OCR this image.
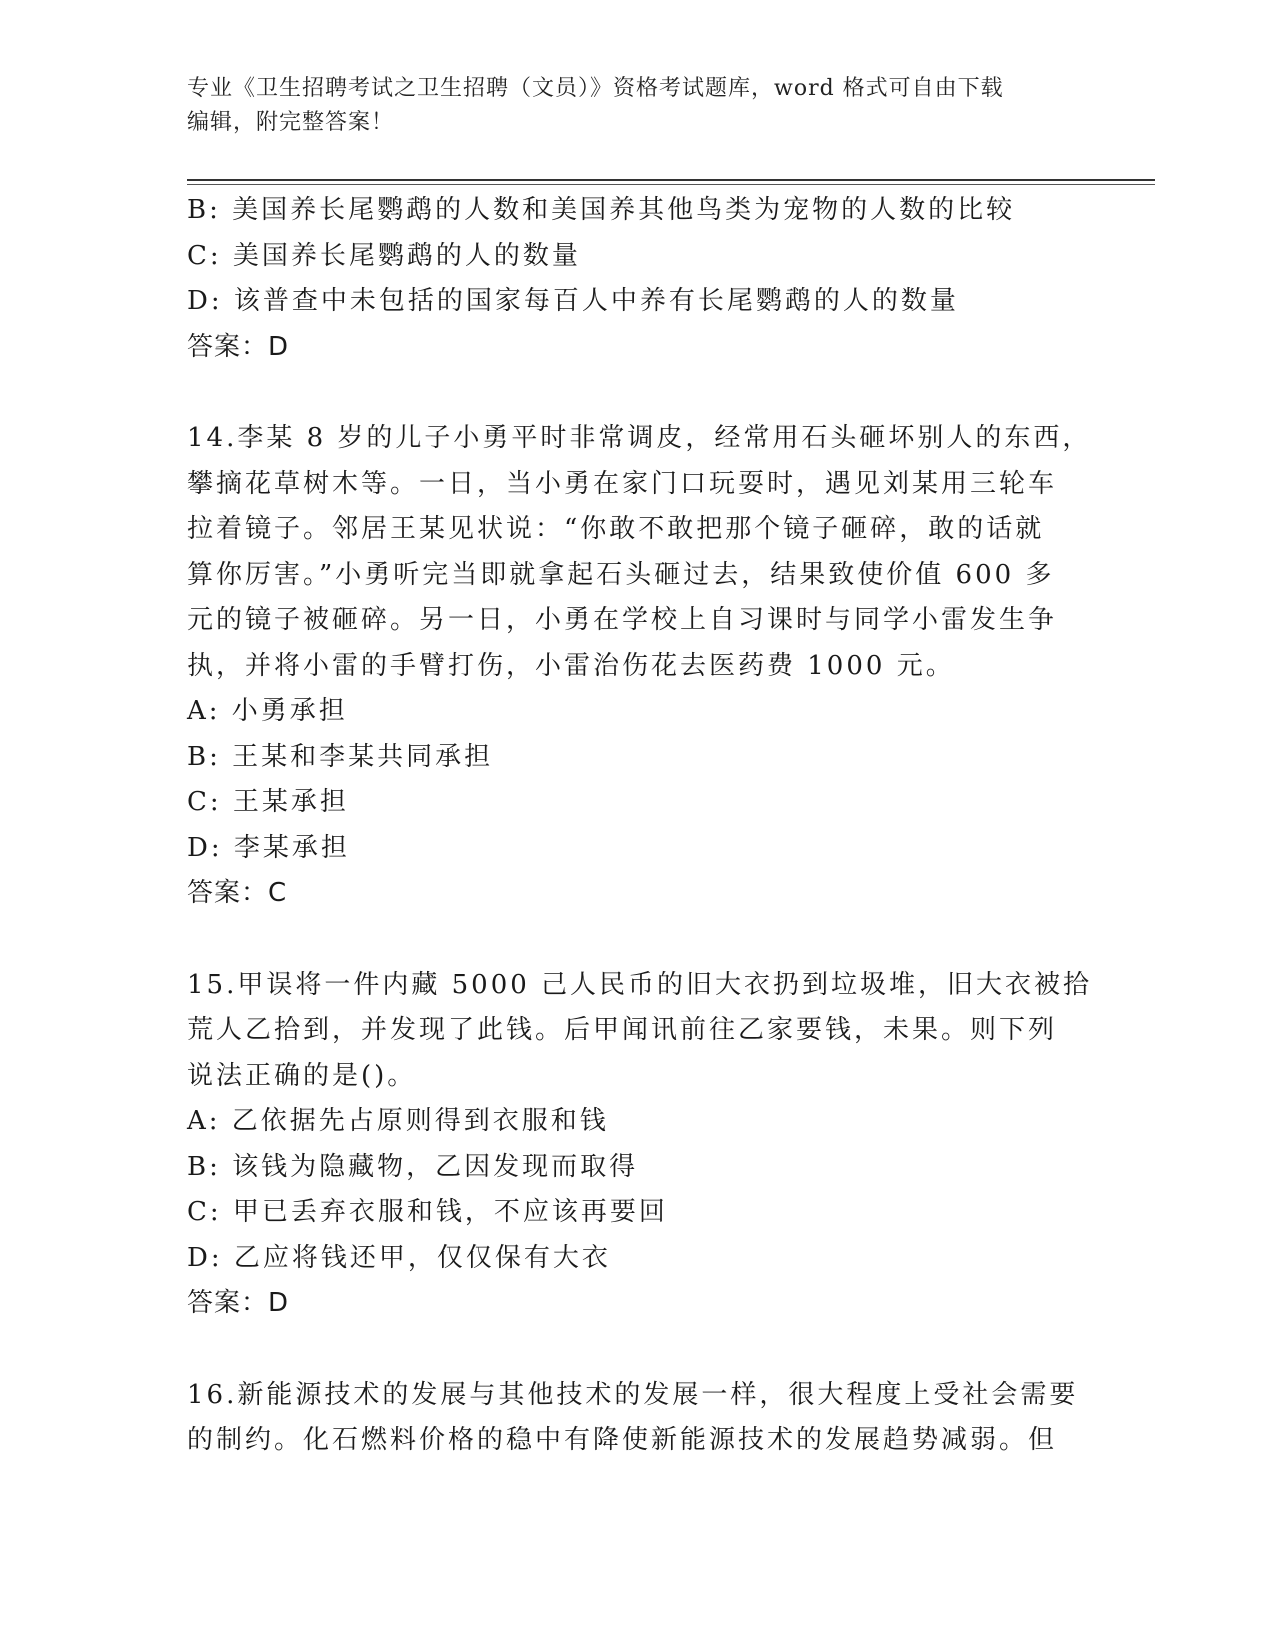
专业《卫生招聘考试之卫生招聘（文员）》资格考试题库，word 格式可自由下载
编辑，附完整答案！
B: 美国养长尾鹦鹉的人数和美国养其他鸟类为宠物的人数的比较
C: 美国养长尾鹦鹉的人的数量
D: 该普查中未包括的国家每百人中养有长尾鹦鹉的人的数量
答案：D
14.李某 8 岁的儿子小勇平时非常调皮，经常用石头砸坏别人的东西，
攀摘花草树木等。一日，当小勇在家门口玩耍时，遇见刘某用三轮车
拉着镜子。邻居王某见状说：“你敢不敢把那个镜子砸碎，敢的话就
算你厉害。”小勇听完当即就拿起石头砸过去，结果致使价值 600 多
元的镜子被砸碎。另一日，小勇在学校上自习课时与同学小雷发生争
执，并将小雷的手臂打伤，小雷治伤花去医药费 1000 元。
A: 小勇承担
B: 王某和李某共同承担
C: 王某承担
D: 李某承担
答案：C
15.甲误将一件内藏 5000 己人民币的旧大衣扔到垃圾堆，旧大衣被拾
荒人乙拾到，并发现了此钱。后甲闻讯前往乙家要钱，未果。则下列
说法正确的是()。
A: 乙依据先占原则得到衣服和钱
B: 该钱为隐藏物，乙因发现而取得
C: 甲已丢弃衣服和钱，不应该再要回
D: 乙应将钱还甲，仅仅保有大衣
答案：D
16.新能源技术的发展与其他技术的发展一样，很大程度上受社会需要
的制约。化石燃料价格的稳中有降使新能源技术的发展趋势减弱。但
